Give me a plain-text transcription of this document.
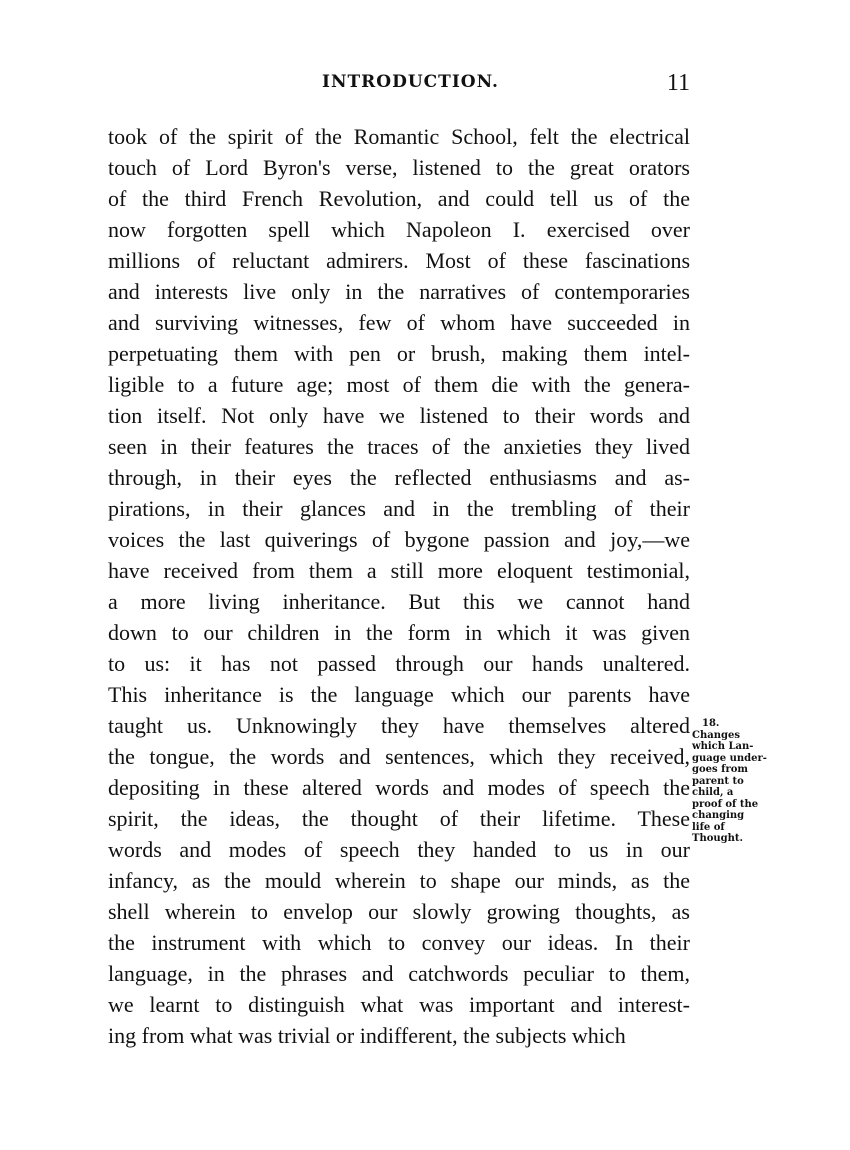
INTRODUCTION.	11
took of the spirit of the Romantic School, felt the electrical
touch of Lord Byron's verse, listened to the great orators
of the third French Revolution, and could tell us of the
now forgotten spell which Napoleon I. exercised over
millions of reluctant admirers. Most of these fascinations
and interests live only in the narratives of contemporaries
and surviving witnesses, few of whom have succeeded in
perpetuating them with pen or brush, making them intel-
ligible to a future age; most of them die with the genera-
tion itself. Not only have we listened to their words and
seen in their features the traces of the anxieties they lived
through, in their eyes the reflected enthusiasms and as-
pirations, in their glances and in the trembling of their
voices the last quiverings of bygone passion and joy,—we
have received from them a still more eloquent testimonial,
a more living inheritance. But this we cannot hand
down to our children in the form in which it was given
to us: it has not passed through our hands unaltered.
This inheritance is the language which our parents have
taught us. Unknowingly they have themselves altered
the tongue, the words and sentences, which they received,
depositing in these altered words and modes of speech the
spirit, the ideas, the thought of their lifetime. These
words and modes of speech they handed to us in our
infancy, as the mould wherein to shape our minds, as the
shell wherein to envelop our slowly growing thoughts, as
the instrument with which to convey our ideas. In their
language, in the phrases and catchwords peculiar to them,
we learnt to distinguish what was important and interest-
ing from what was trivial or indifferent, the subjects which
18.
Changes
which Lan-
guage under-
goes from
parent to
child, a
proof of the
changing
life of
Thought.
